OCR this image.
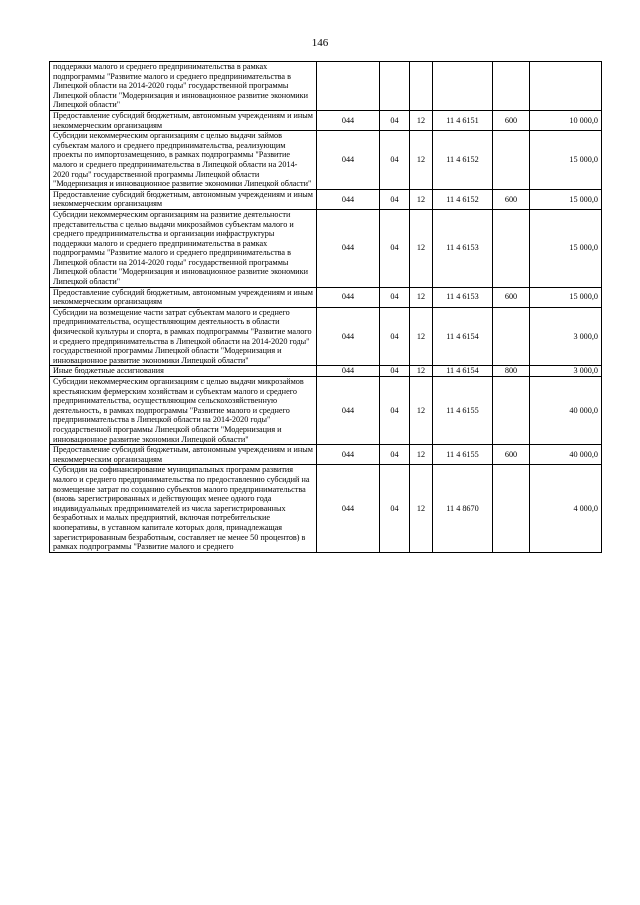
146
поддержки малого и среднего предпринимательства в рамках подпрограммы "Развитие малого и среднего предпринимательства в Липецкой области на 2014-2020 годы" государственной программы Липецкой области "Модернизация и инновационное развитие экономики Липецкой области"						
Предоставление субсидий бюджетным, автономным учреждениям и иным некоммерческим организациям	044	04	12	11 4 6151	600	10 000,0
Субсидии некоммерческим организациям с целью выдачи займов субъектам малого и среднего предпринимательства, реализующим проекты по импортозамещению, в рамках подпрограммы "Развитие малого и среднего предпринимательства в Липецкой области на 2014-2020 годы" государственной программы Липецкой области "Модернизация и инновационное развитие экономики Липецкой области"	044	04	12	11 4 6152		15 000,0
Предоставление субсидий бюджетным, автономным учреждениям и иным некоммерческим организациям	044	04	12	11 4 6152	600	15 000,0
Субсидии некоммерческим организациям на развитие деятельности представительства с целью выдачи микрозаймов субъектам малого и среднего предпринимательства и организации инфраструктуры поддержки малого и среднего предпринимательства в рамках подпрограммы "Развитие малого и среднего предпринимательства в Липецкой области на 2014-2020 годы" государственной программы Липецкой области "Модернизация и инновационное развитие экономики Липецкой области"	044	04	12	11 4 6153		15 000,0
Предоставление субсидий бюджетным, автономным учреждениям и иным некоммерческим организациям	044	04	12	11 4 6153	600	15 000,0
Субсидии на возмещение части затрат субъектам малого и среднего предпринимательства, осуществляющим деятельность в области физической культуры и спорта, в рамках подпрограммы "Развитие малого и среднего предпринимательства в Липецкой области на 2014-2020 годы" государственной программы Липецкой области "Модернизация и инновационное развитие экономики Липецкой области"	044	04	12	11 4 6154		3 000,0
Иные бюджетные ассигнования	044	04	12	11 4 6154	800	3 000,0
Субсидии некоммерческим организациям с целью выдачи микрозаймов крестьянским фермерским хозяйствам и субъектам малого и среднего предпринимательства, осуществляющим сельскохозяйственную деятельность, в рамках подпрограммы "Развитие малого и среднего предпринимательства в Липецкой области на 2014-2020 годы" государственной программы Липецкой области "Модернизация и инновационное развитие экономики Липецкой области"	044	04	12	11 4 6155		40 000,0
Предоставление субсидий бюджетным, автономным учреждениям и иным некоммерческим организациям	044	04	12	11 4 6155	600	40 000,0
Субсидии на софинансирование муниципальных программ развития малого и среднего предпринимательства по предоставлению субсидий на возмещение затрат по созданию субъектов малого предпринимательства (вновь зарегистрированных и действующих менее одного года индивидуальных предпринимателей из числа зарегистрированных безработных и малых предприятий, включая потребительские кооперативы, в уставном капитале которых доля, принадлежащая зарегистрированным безработным, составляет не менее 50 процентов) в рамках подпрограммы "Развитие малого и среднего	044	04	12	11 4 8670		4 000,0
